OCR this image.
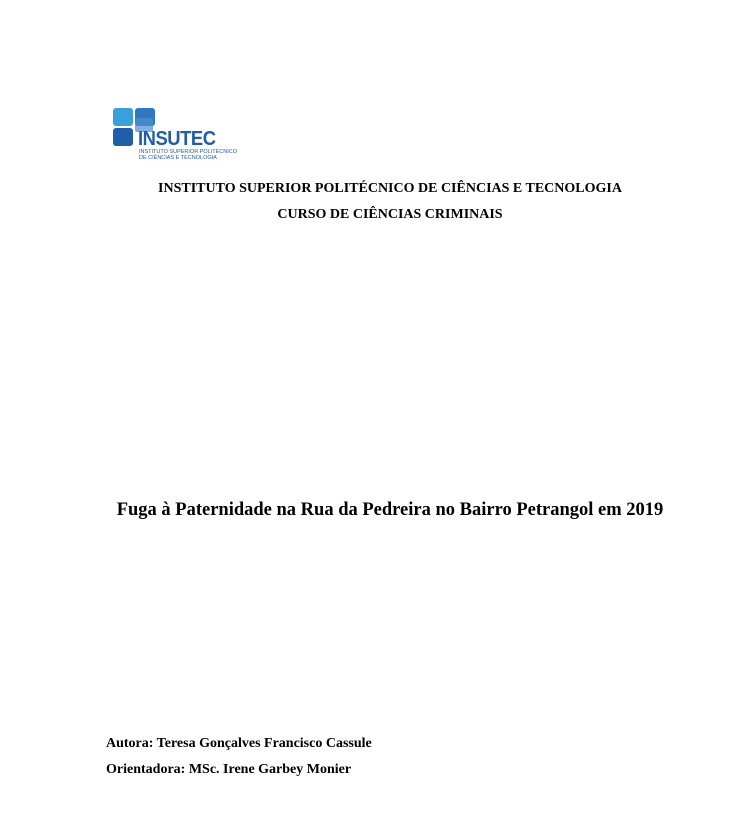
INSUTEC
INSTITUTO SUPERIOR POLITÉCNICO
DE CIÊNCIAS E TECNOLOGIA
INSTITUTO SUPERIOR POLITÉCNICO DE CIÊNCIAS E TECNOLOGIA
CURSO DE CIÊNCIAS CRIMINAIS
Fuga à Paternidade na Rua da Pedreira no Bairro Petrangol em 2019
Autora: Teresa Gonçalves Francisco Cassule
Orientadora: MSc. Irene Garbey Monier
